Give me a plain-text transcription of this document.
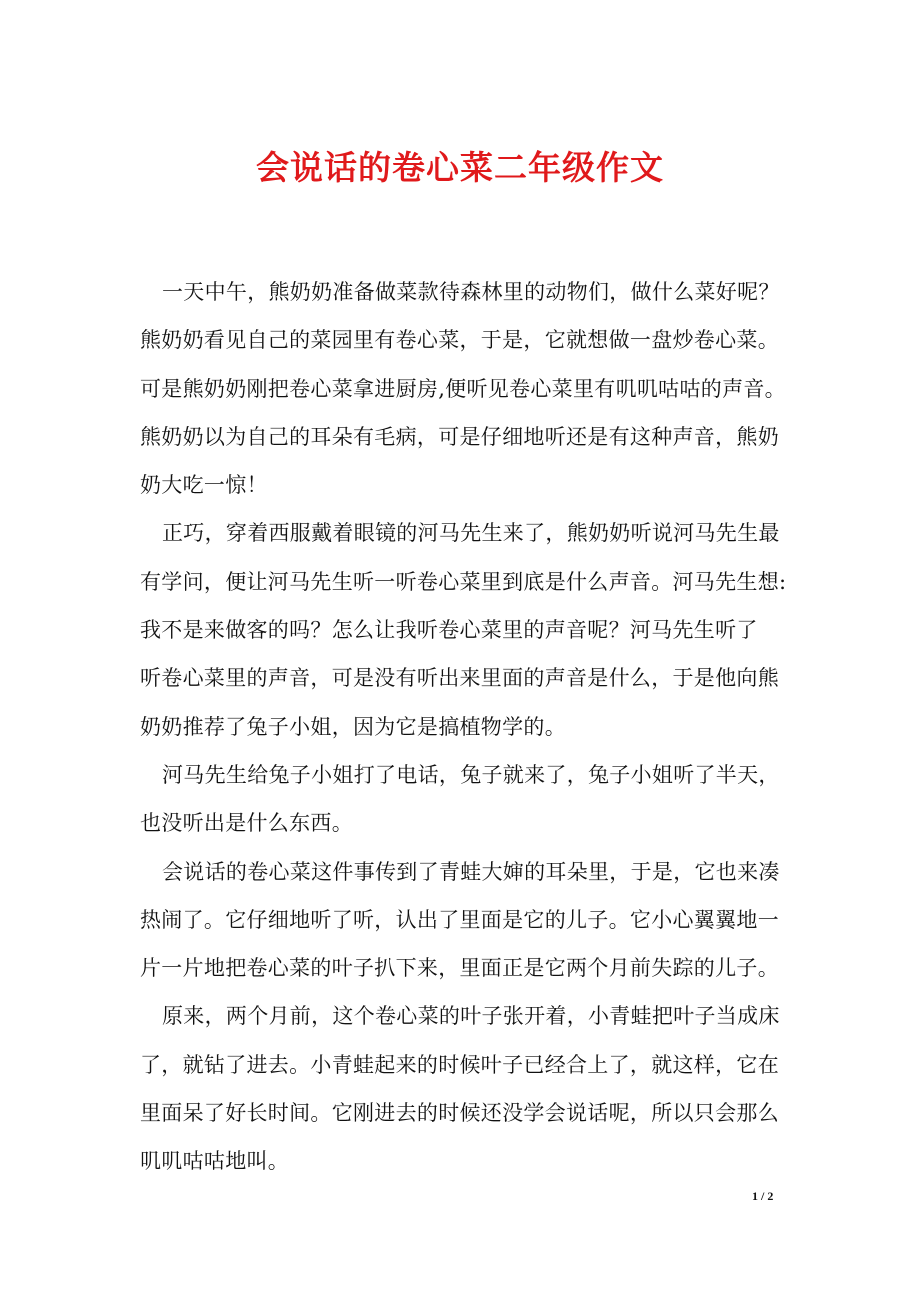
会说话的卷心菜二年级作文
一天中午，熊奶奶准备做菜款待森林里的动物们，做什么菜好呢？
熊奶奶看见自己的菜园里有卷心菜，于是，它就想做一盘炒卷心菜。
可是熊奶奶刚把卷心菜拿进厨房,便听见卷心菜里有叽叽咕咕的声音。
熊奶奶以为自己的耳朵有毛病，可是仔细地听还是有这种声音，熊奶
奶大吃一惊！
正巧，穿着西服戴着眼镜的河马先生来了，熊奶奶听说河马先生最
有学问，便让河马先生听一听卷心菜里到底是什么声音。河马先生想:
我不是来做客的吗？怎么让我听卷心菜里的声音呢？河马先生听了
听卷心菜里的声音，可是没有听出来里面的声音是什么，于是他向熊
奶奶推荐了兔子小姐，因为它是搞植物学的。
河马先生给兔子小姐打了电话，兔子就来了，兔子小姐听了半天，
也没听出是什么东西。
会说话的卷心菜这件事传到了青蛙大婶的耳朵里，于是，它也来凑
热闹了。它仔细地听了听，认出了里面是它的儿子。它小心翼翼地一
片一片地把卷心菜的叶子扒下来，里面正是它两个月前失踪的儿子。
原来，两个月前，这个卷心菜的叶子张开着，小青蛙把叶子当成床
了，就钻了进去。小青蛙起来的时候叶子已经合上了，就这样，它在
里面呆了好长时间。它刚进去的时候还没学会说话呢，所以只会那么
叽叽咕咕地叫。
1 / 2
